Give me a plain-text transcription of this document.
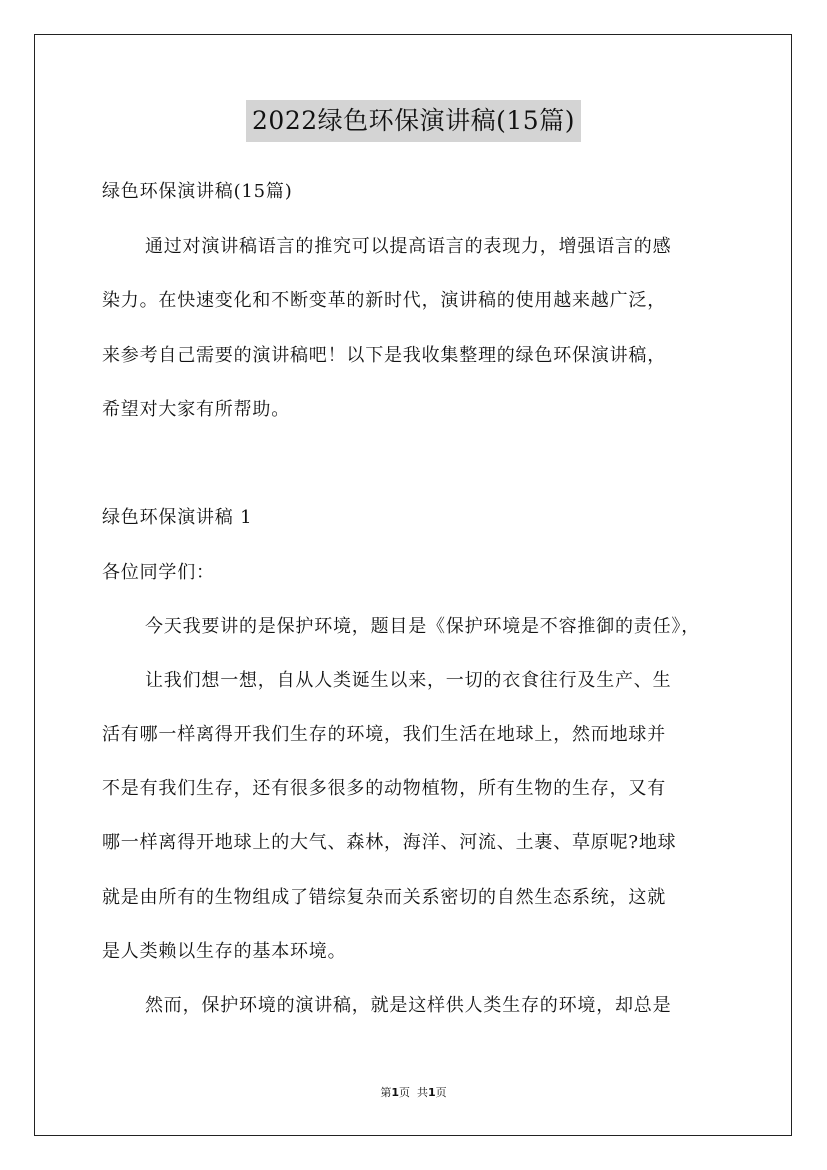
2022绿色环保演讲稿(15篇)
绿色环保演讲稿(15篇)
通过对演讲稿语言的推究可以提高语言的表现力，增强语言的感
染力。在快速变化和不断变革的新时代，演讲稿的使用越来越广泛，
来参考自己需要的演讲稿吧！以下是我收集整理的绿色环保演讲稿，
希望对大家有所帮助。
绿色环保演讲稿 1
各位同学们：
今天我要讲的是保护环境，题目是《保护环境是不容推御的责任》，
让我们想一想，自从人类诞生以来，一切的衣食往行及生产、生
活有哪一样离得开我们生存的环境，我们生活在地球上，然而地球并
不是有我们生存，还有很多很多的动物植物，所有生物的生存，又有
哪一样离得开地球上的大气、森林，海洋、河流、土裹、草原呢?地球
就是由所有的生物组成了错综复杂而关系密切的自然生态系统，这就
是人类赖以生存的基本环境。
然而，保护环境的演讲稿，就是这样供人类生存的环境，却总是
第1页 共1页
